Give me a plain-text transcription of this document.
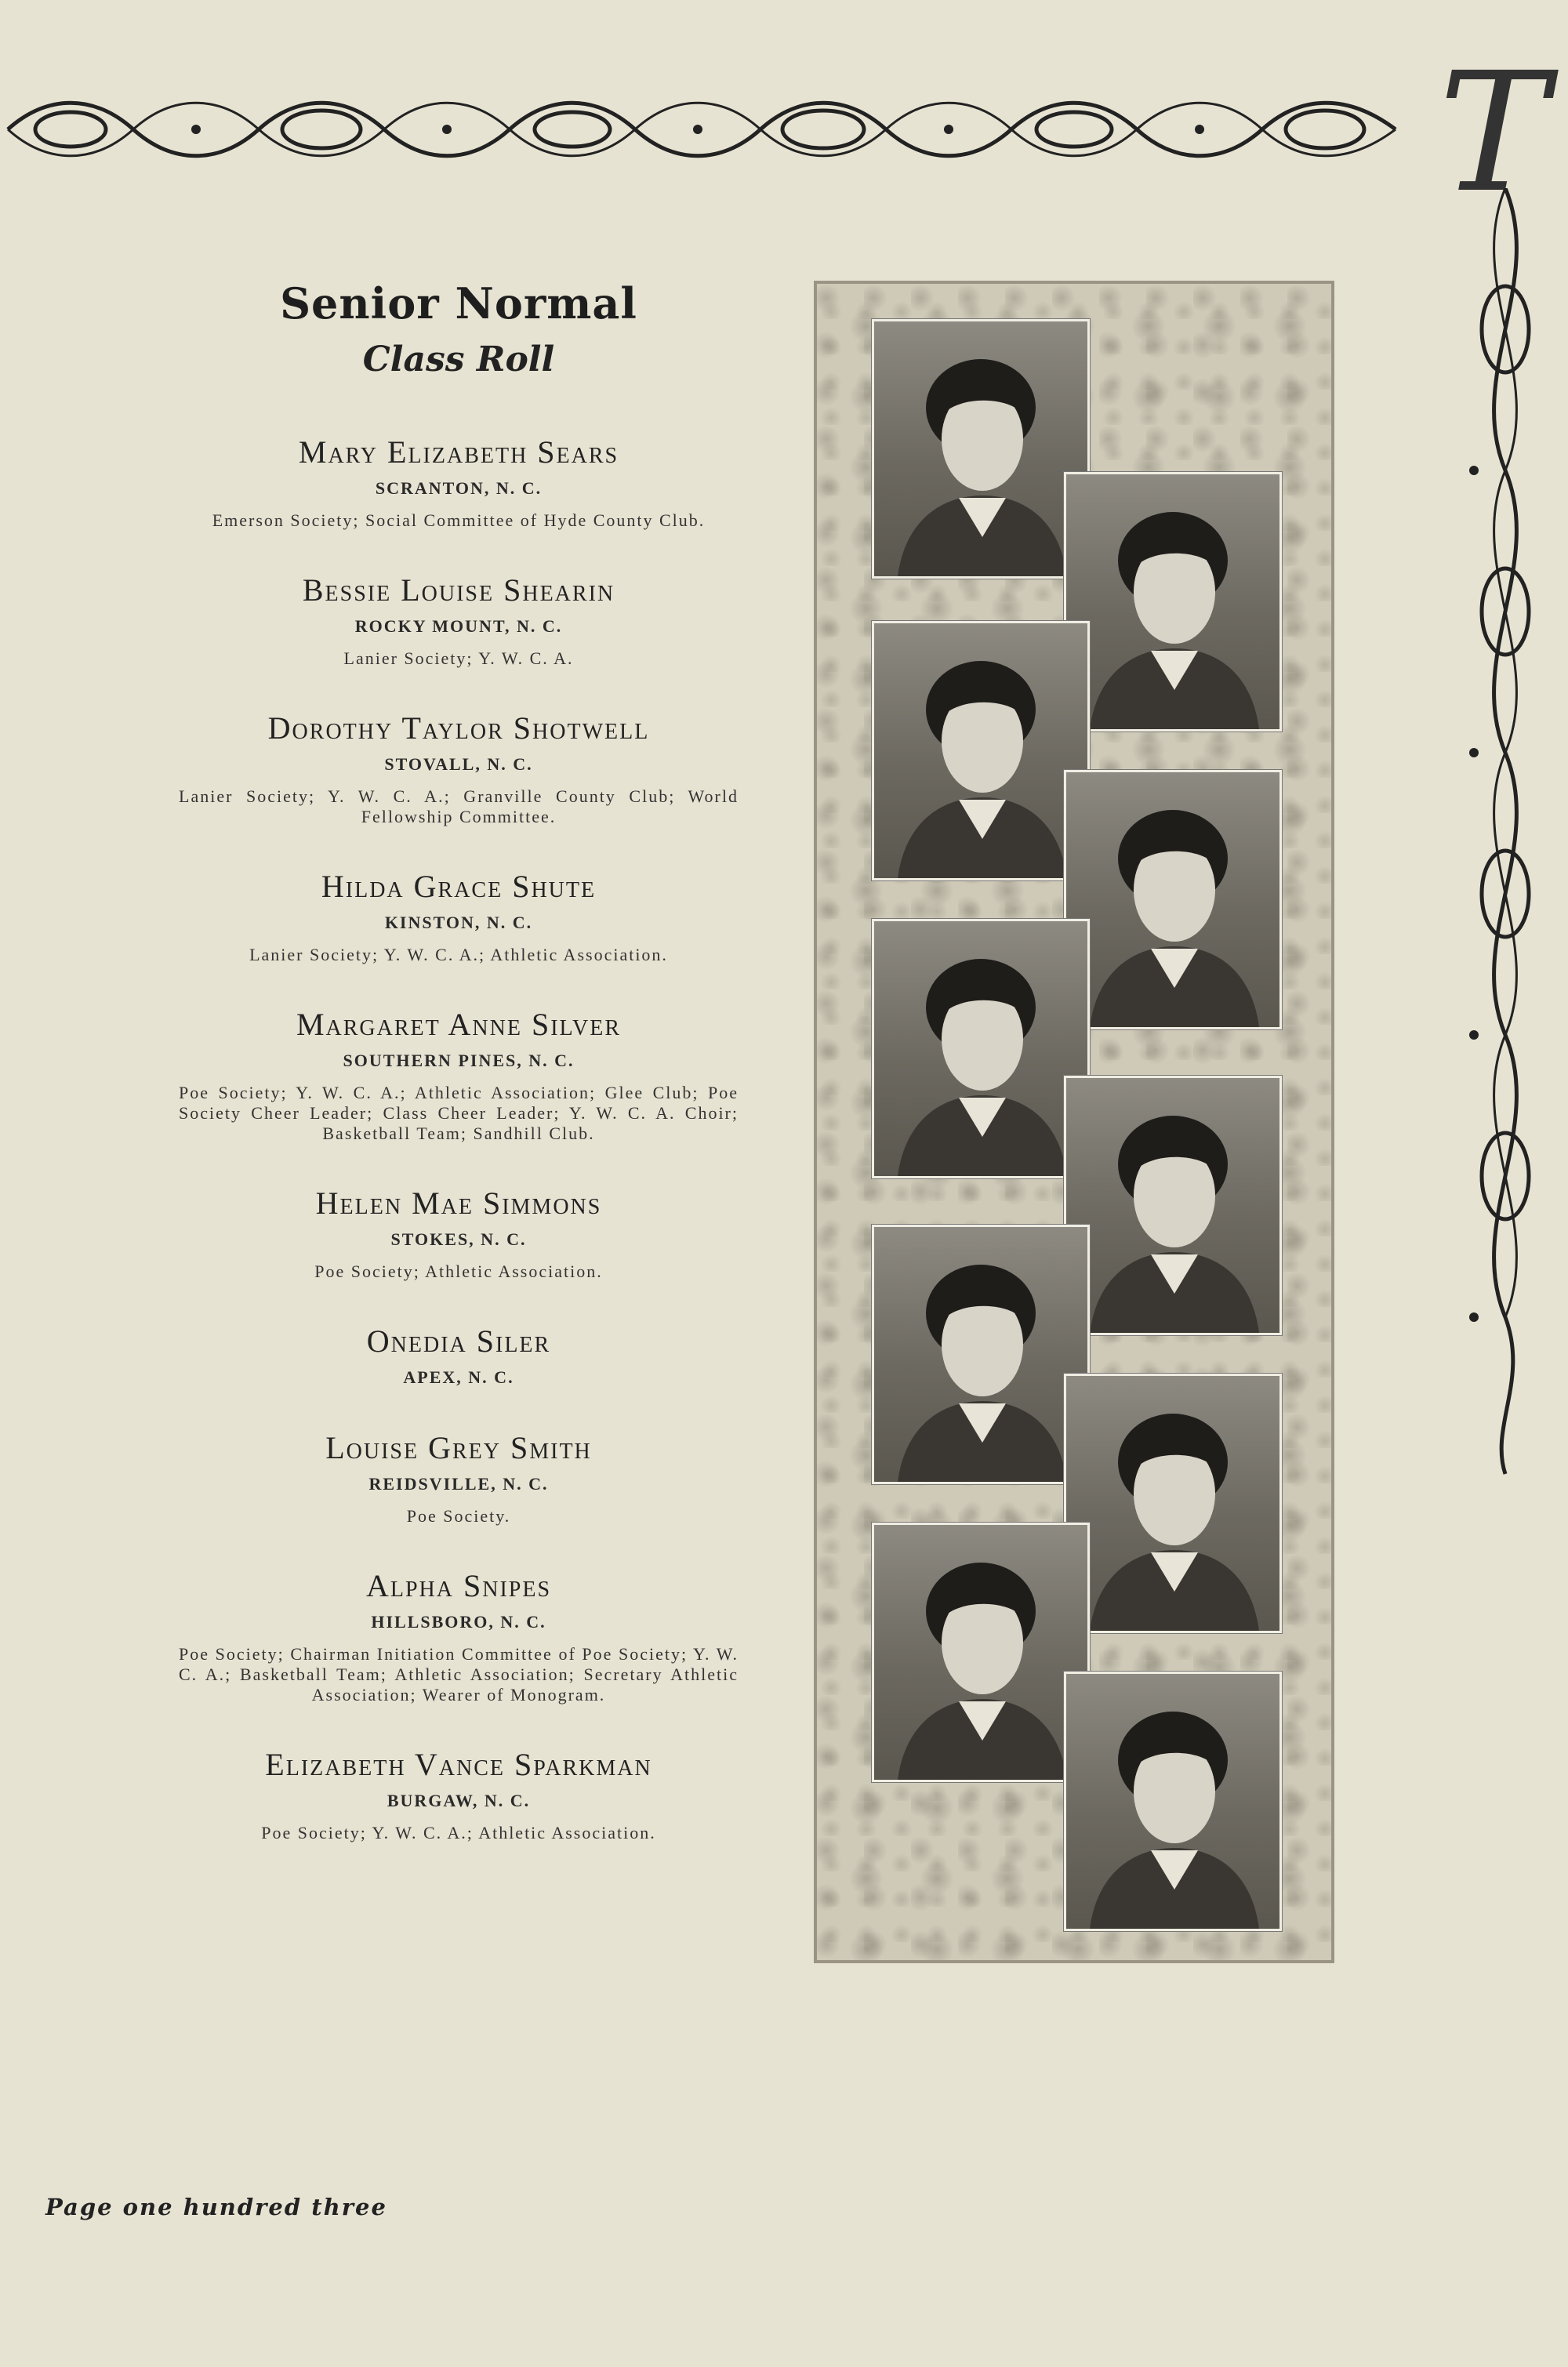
T
Senior Normal
Class Roll
Mary Elizabeth Sears
SCRANTON, N. C.
Emerson Society; Social Committee of Hyde County Club.
Bessie Louise Shearin
ROCKY MOUNT, N. C.
Lanier Society; Y. W. C. A.
Dorothy Taylor Shotwell
STOVALL, N. C.
Lanier Society; Y. W. C. A.; Granville County Club; World Fellowship Committee.
Hilda Grace Shute
KINSTON, N. C.
Lanier Society; Y. W. C. A.; Athletic Association.
Margaret Anne Silver
SOUTHERN PINES, N. C.
Poe Society; Y. W. C. A.; Athletic Association; Glee Club; Poe Society Cheer Leader; Class Cheer Leader; Y. W. C. A. Choir; Basketball Team; Sandhill Club.
Helen Mae Simmons
STOKES, N. C.
Poe Society; Athletic Association.
Onedia Siler
APEX, N. C.
Louise Grey Smith
REIDSVILLE, N. C.
Poe Society.
Alpha Snipes
HILLSBORO, N. C.
Poe Society; Chairman Initiation Committee of Poe Society; Y. W. C. A.; Basketball Team; Athletic Association; Secretary Athletic Association; Wearer of Monogram.
Elizabeth Vance Sparkman
BURGAW, N. C.
Poe Society; Y. W. C. A.; Athletic Association.
Page one hundred three
